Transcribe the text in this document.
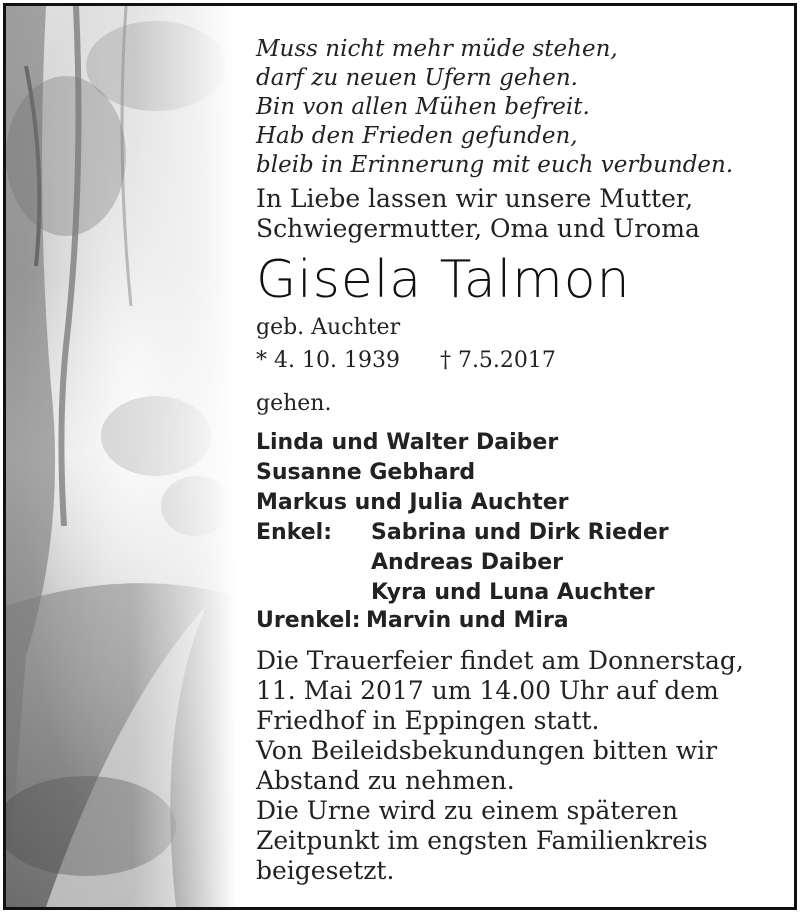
Muss nicht mehr müde stehen,
darf zu neuen Ufern gehen.
Bin von allen Mühen befreit.
Hab den Frieden gefunden,
bleib in Erinnerung mit euch verbunden.
In Liebe lassen wir unsere Mutter,
Schwiegermutter, Oma und Uroma
Gisela Talmon
geb. Auchter
* 4. 10. 1939 † 7.5.2017
gehen.
Linda und Walter Daiber
Susanne Gebhard
Markus und Julia Auchter
Enkel: Sabrina und Dirk Rieder
Andreas Daiber
Kyra und Luna Auchter
Urenkel: Marvin und Mira
Die Trauerfeier findet am Donnerstag,
11. Mai 2017 um 14.00 Uhr auf dem
Friedhof in Eppingen statt.
Von Beileidsbekundungen bitten wir
Abstand zu nehmen.
Die Urne wird zu einem späteren
Zeitpunkt im engsten Familienkreis
beigesetzt.
